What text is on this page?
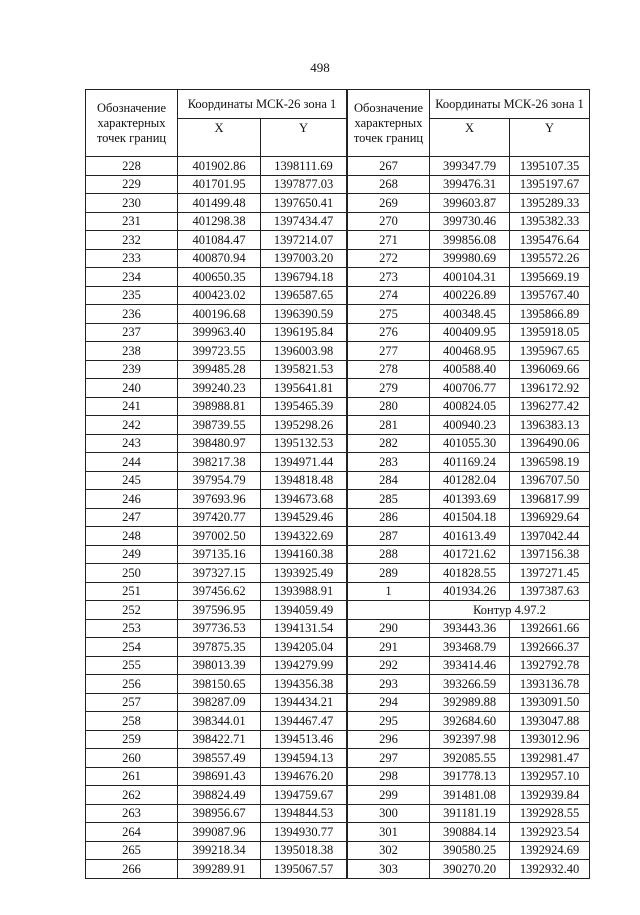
498
Обозначение характерных точек границ	Координаты МСК-26 зона 1	
	X	Y
228	401902.86	1398111.69
229	401701.95	1397877.03
230	401499.48	1397650.41
231	401298.38	1397434.47
232	401084.47	1397214.07
233	400870.94	1397003.20
234	400650.35	1396794.18
235	400423.02	1396587.65
236	400196.68	1396390.59
237	399963.40	1396195.84
238	399723.55	1396003.98
239	399485.28	1395821.53
240	399240.23	1395641.81
241	398988.81	1395465.39
242	398739.55	1395298.26
243	398480.97	1395132.53
244	398217.38	1394971.44
245	397954.79	1394818.48
246	397693.96	1394673.68
247	397420.77	1394529.46
248	397002.50	1394322.69
249	397135.16	1394160.38
250	397327.15	1393925.49
251	397456.62	1393988.91
252	397596.95	1394059.49
253	397736.53	1394131.54
254	397875.35	1394205.04
255	398013.39	1394279.99
256	398150.65	1394356.38
257	398287.09	1394434.21
258	398344.01	1394467.47
259	398422.71	1394513.46
260	398557.49	1394594.13
261	398691.43	1394676.20
262	398824.49	1394759.67
263	398956.67	1394844.53
264	399087.96	1394930.77
265	399218.34	1395018.38
266	399289.91	1395067.57
Обозначение характерных точек границ	Координаты МСК-26 зона 1	
	X	Y
267	399347.79	1395107.35
268	399476.31	1395197.67
269	399603.87	1395289.33
270	399730.46	1395382.33
271	399856.08	1395476.64
272	399980.69	1395572.26
273	400104.31	1395669.19
274	400226.89	1395767.40
275	400348.45	1395866.89
276	400409.95	1395918.05
277	400468.95	1395967.65
278	400588.40	1396069.66
279	400706.77	1396172.92
280	400824.05	1396277.42
281	400940.23	1396383.13
282	401055.30	1396490.06
283	401169.24	1396598.19
284	401282.04	1396707.50
285	401393.69	1396817.99
286	401504.18	1396929.64
287	401613.49	1397042.44
288	401721.62	1397156.38
289	401828.55	1397271.45
1	401934.26	1397387.63
	Контур 4.97.2	
290	393443.36	1392661.66
291	393468.79	1392666.37
292	393414.46	1392792.78
293	393266.59	1393136.78
294	392989.88	1393091.50
295	392684.60	1393047.88
296	392397.98	1393012.96
297	392085.55	1392981.47
298	391778.13	1392957.10
299	391481.08	1392939.84
300	391181.19	1392928.55
301	390884.14	1392923.54
302	390580.25	1392924.69
303	390270.20	1392932.40
